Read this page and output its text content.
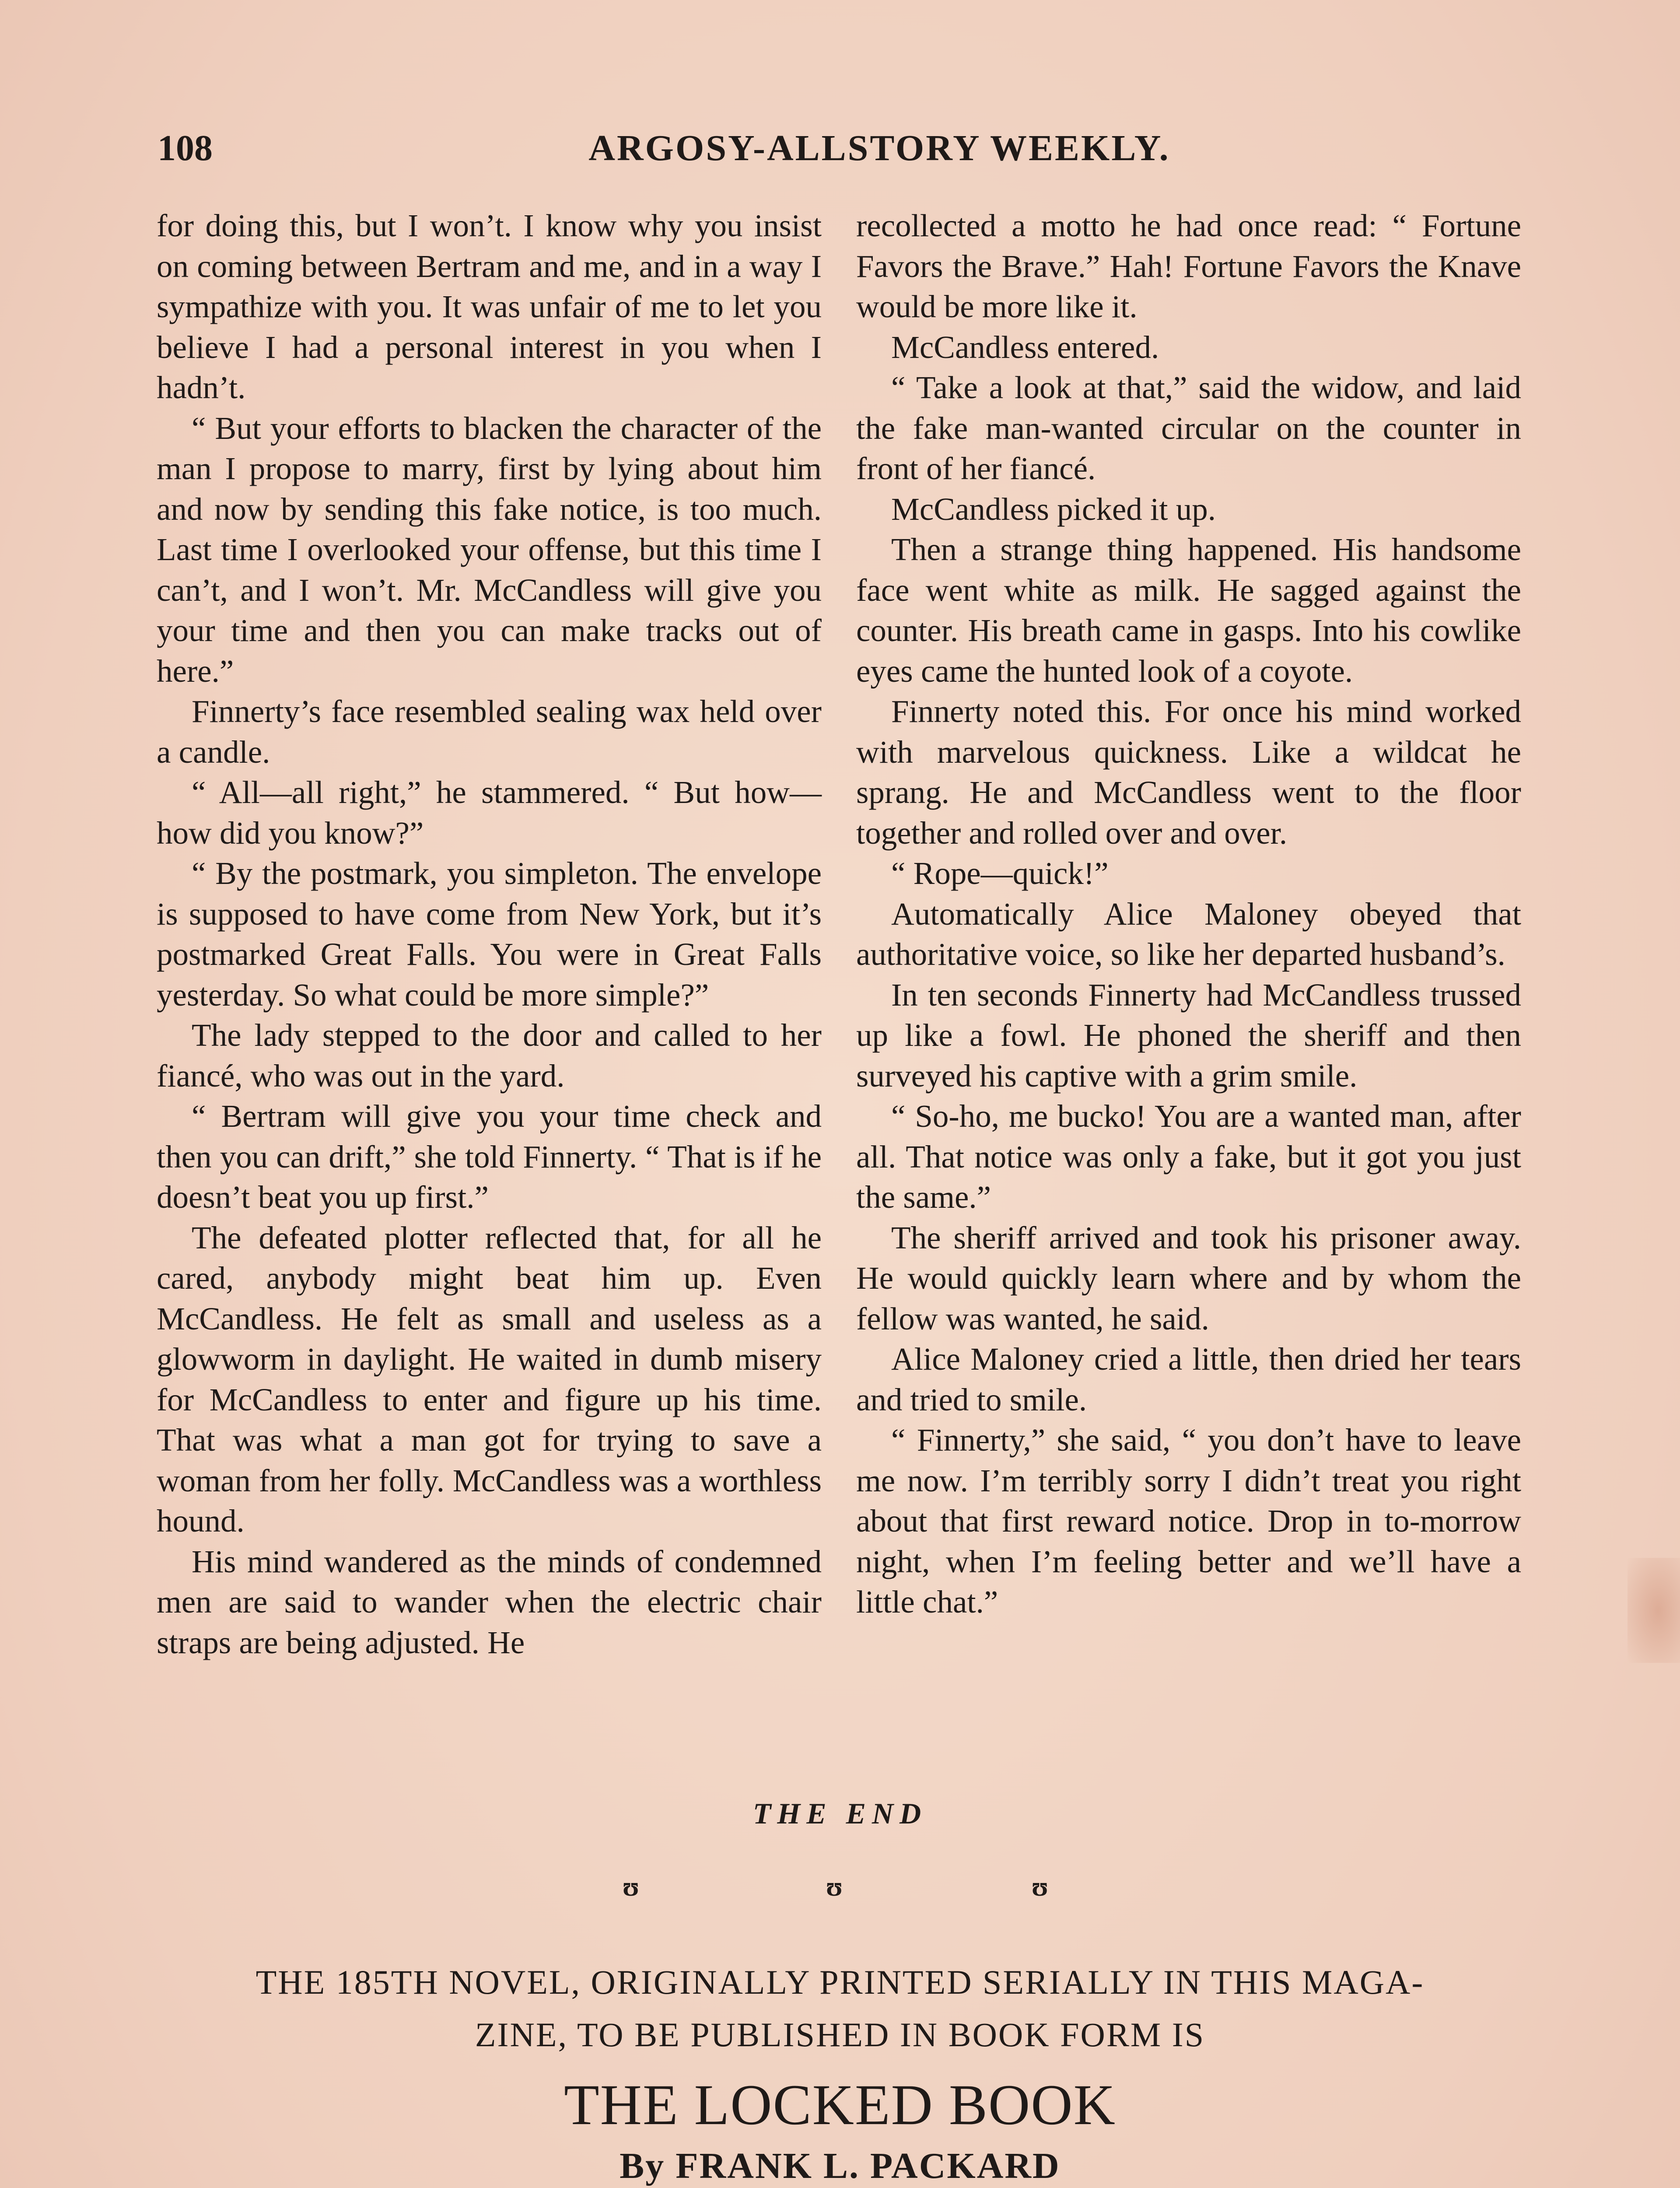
108	ARGOSY-ALLSTORY WEEKLY.

for doing this, but I won’t. I know why you insist on coming between Bertram and me, and in a way I sympathize with you. It was unfair of me to let you believe I had a personal interest in you when I hadn’t.

“ But your efforts to blacken the character of the man I propose to marry, first by lying about him and now by sending this fake notice, is too much. Last time I overlooked your offense, but this time I can’t, and I won’t. Mr. McCandless will give you your time and then you can make tracks out of here.”

Finnerty’s face resembled sealing wax held over a candle.

“ All—all right,” he stammered. “ But how—how did you know?”

“ By the postmark, you simpleton. The envelope is supposed to have come from New York, but it’s postmarked Great Falls. You were in Great Falls yesterday. So what could be more simple?”

The lady stepped to the door and called to her fiancé, who was out in the yard.

“ Bertram will give you your time check and then you can drift,” she told Finnerty. “ That is if he doesn’t beat you up first.”

The defeated plotter reflected that, for all he cared, anybody might beat him up. Even McCandless. He felt as small and useless as a glowworm in daylight. He waited in dumb misery for McCandless to enter and figure up his time. That was what a man got for trying to save a woman from her folly. McCandless was a worthless hound.

His mind wandered as the minds of condemned men are said to wander when the electric chair straps are being adjusted. He

recollected a motto he had once read: “ Fortune Favors the Brave.” Hah! Fortune Favors the Knave would be more like it.

McCandless entered.

“ Take a look at that,” said the widow, and laid the fake man-wanted circular on the counter in front of her fiancé.

McCandless picked it up.

Then a strange thing happened. His handsome face went white as milk. He sagged against the counter. His breath came in gasps. Into his cowlike eyes came the hunted look of a coyote.

Finnerty noted this. For once his mind worked with marvelous quickness. Like a wildcat he sprang. He and McCandless went to the floor together and rolled over and over.

“ Rope—quick!”

Automatically Alice Maloney obeyed that authoritative voice, so like her departed husband’s.

In ten seconds Finnerty had McCandless trussed up like a fowl. He phoned the sheriff and then surveyed his captive with a grim smile.

“ So-ho, me bucko! You are a wanted man, after all. That notice was only a fake, but it got you just the same.”

The sheriff arrived and took his prisoner away. He would quickly learn where and by whom the fellow was wanted, he said.

Alice Maloney cried a little, then dried her tears and tried to smile.

“ Finnerty,” she said, “ you don’t have to leave me now. I’m terribly sorry I didn’t treat you right about that first reward notice. Drop in to-morrow night, when I’m feeling better and we’ll have a little chat.”

THE END
ʊ	ʊ	ʊ
THE 185TH NOVEL, ORIGINALLY PRINTED SERIALLY IN THIS MAGA-
ZINE, TO BE PUBLISHED IN BOOK FORM IS
THE LOCKED BOOK
By FRANK L. PACKARD
